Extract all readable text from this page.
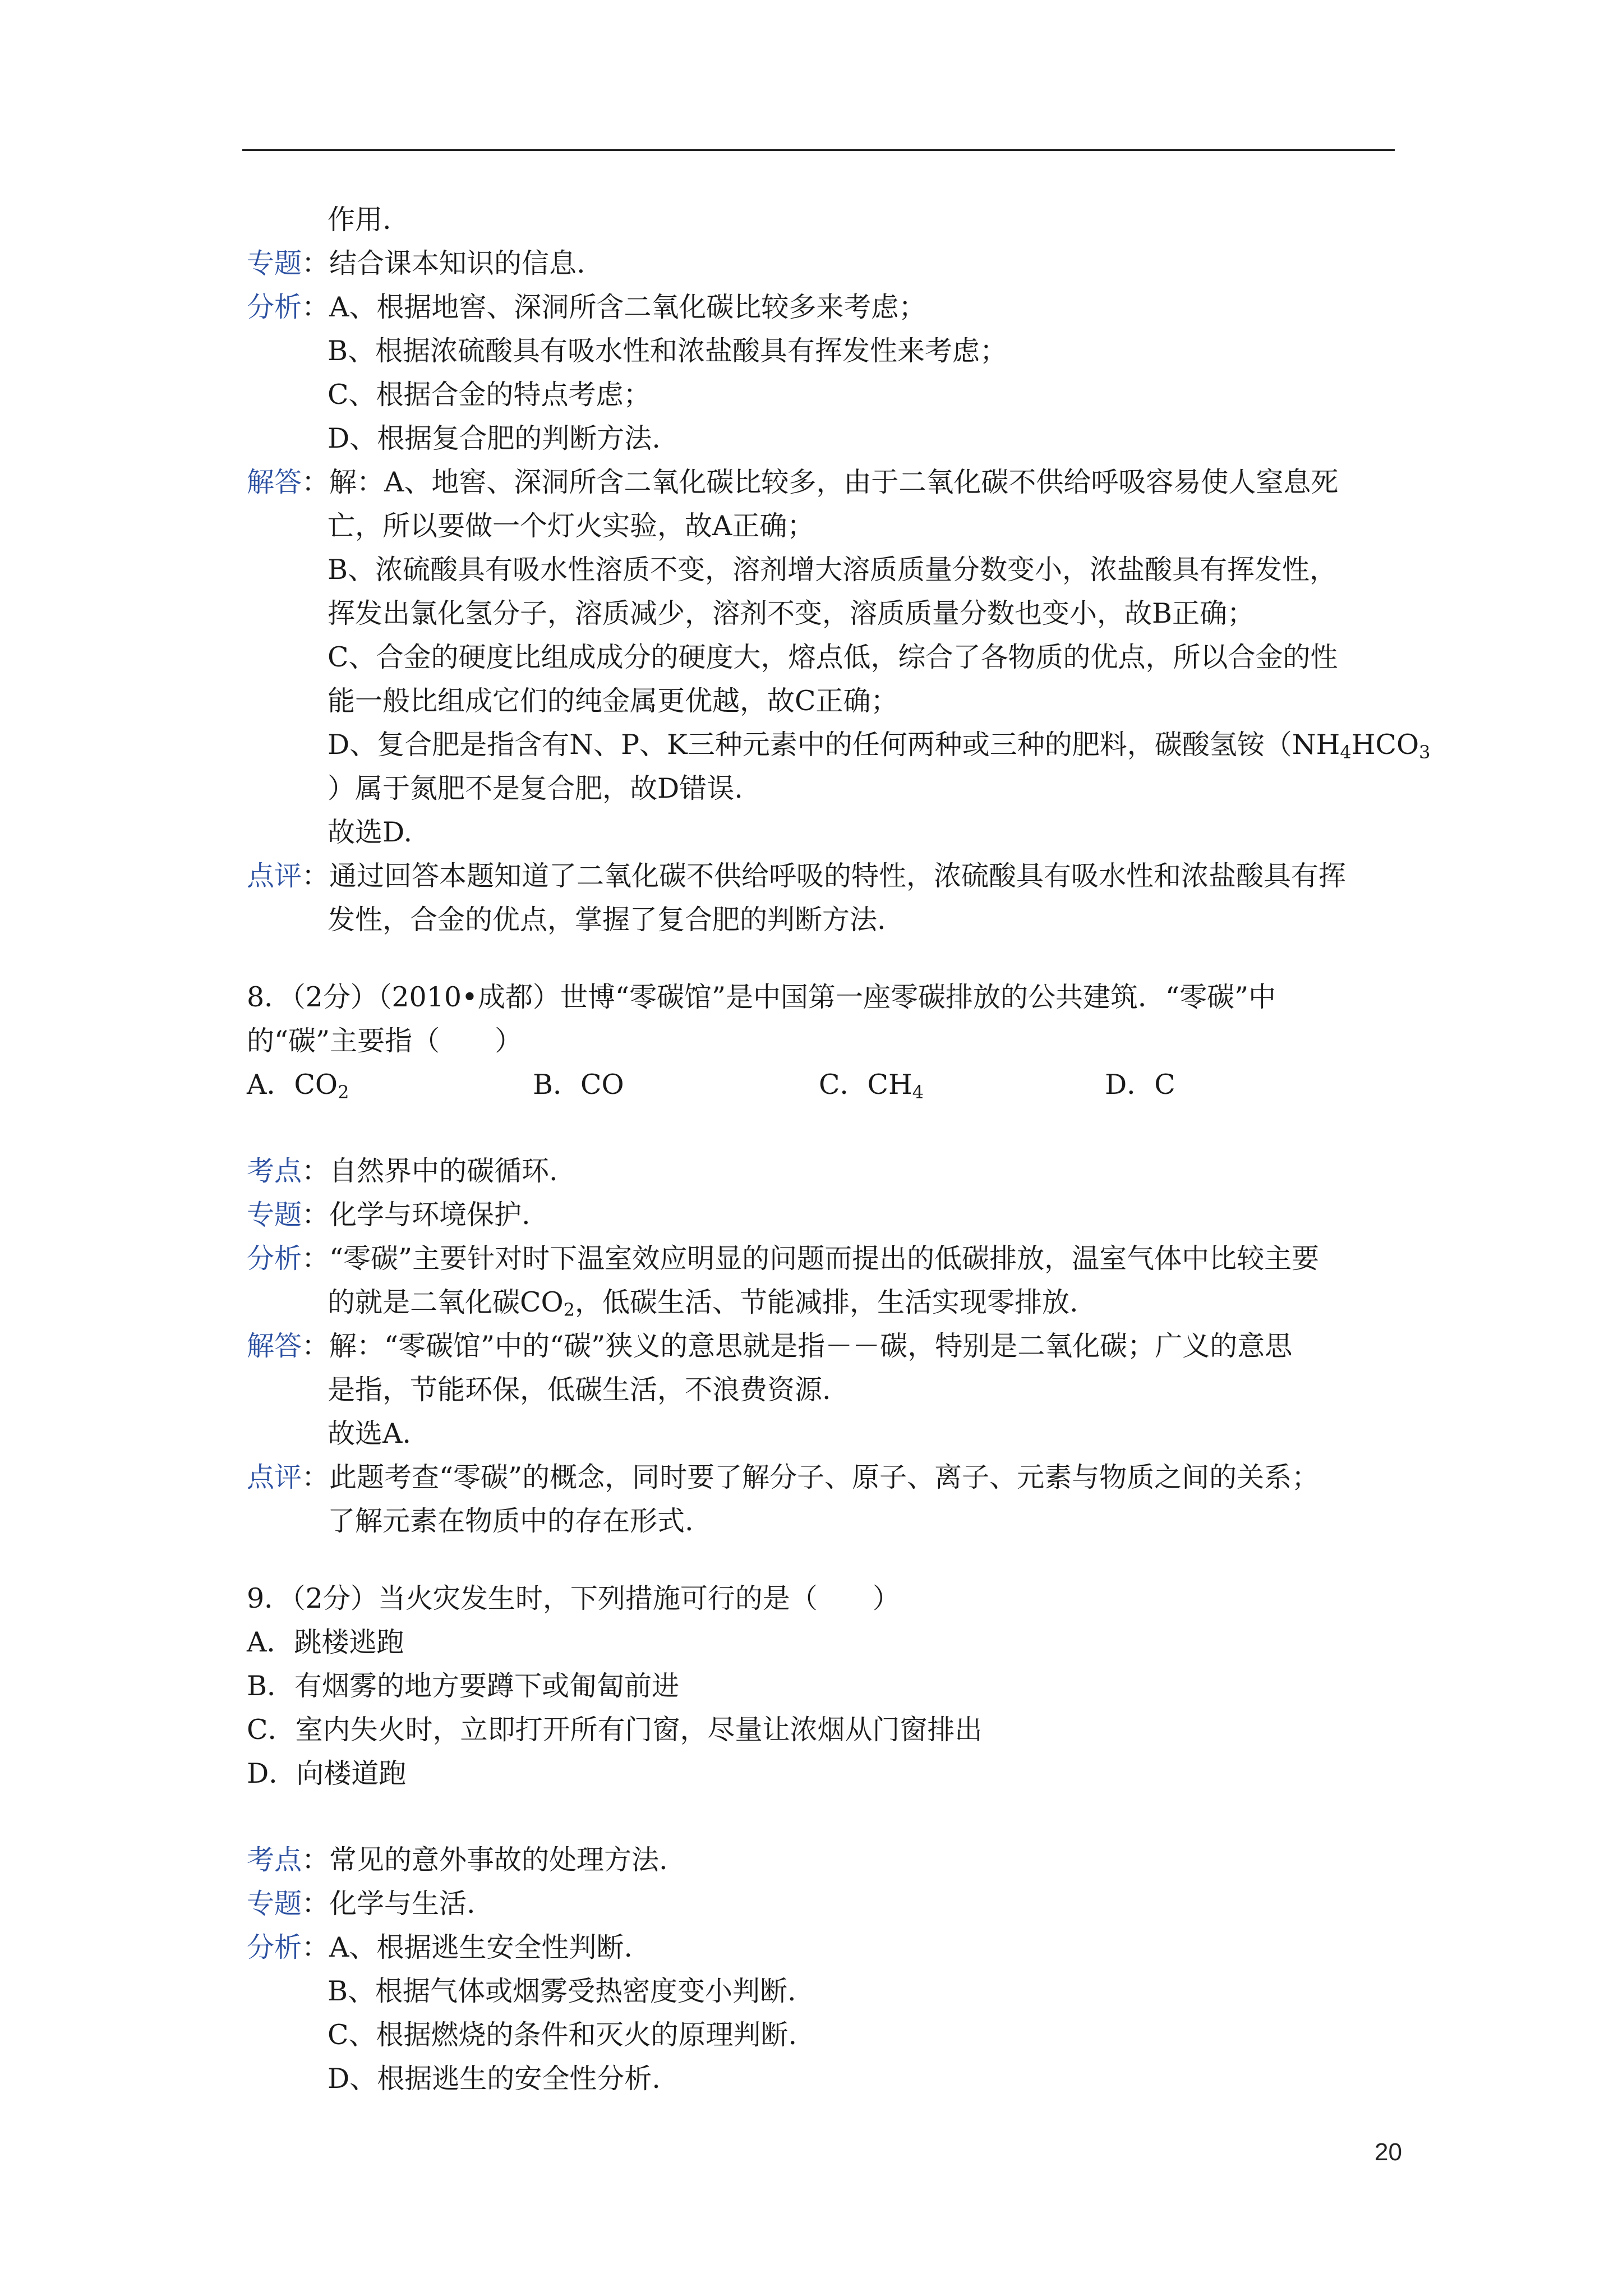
作用.
专题 ：结合课本知识的信息.
分析 ：A、根据地窖、深洞所含二氧化碳比较多来考虑；
B、根据浓硫酸具有吸水性和浓盐酸具有挥发性来考虑；
C、根据合金的特点考虑；
D、根据复合肥的判断方法.
解答 ：解：A、地窖、深洞所含二氧化碳比较多，由于二氧化碳不供给呼吸容易使人窒息死
亡，所以要做一个灯火实验，故A正确；
B、浓硫酸具有吸水性溶质不变，溶剂增大溶质质量分数变小，浓盐酸具有挥发性，
挥发出氯化氢分子，溶质减少，溶剂不变，溶质质量分数也变小，故B正确；
C、合金的硬度比组成成分的硬度大，熔点低，综合了各物质的优点，所以合金的性
能一般比组成它们的纯金属更优越，故C正确；
D、复合肥是指含有N、P、K三种元素中的任何两种或三种的肥料，碳酸氢铵（$NH_4HCO_3$
）属于氮肥不是复合肥，故D错误.
故选D.
点评 ：通过回答本题知道了二氧化碳不供给呼吸的特性，浓硫酸具有吸水性和浓盐酸具有挥
发性，合金的优点，掌握了复合肥的判断方法.
8．（2分）（2010•成都）世博“零碳馆”是中国第一座零碳排放的公共建筑．“零碳”中
的“碳”主要指（　　）
A．$CO_2$	B．CO	C．$CH_4$	D．C
考点 ：自然界中的碳循环.
专题 ：化学与环境保护.
分析 ：“零碳”主要针对时下温室效应明显的问题而提出的低碳排放，温室气体中比较主要
的就是二氧化碳$CO_2$，低碳生活、节能减排，生活实现零排放.
解答 ：解：“零碳馆”中的“碳”狭义的意思就是指－－碳，特别是二氧化碳；广义的意思
是指，节能环保，低碳生活，不浪费资源.
故选A.
点评 ：此题考查“零碳”的概念，同时要了解分子、原子、离子、元素与物质之间的关系；
了解元素在物质中的存在形式.
9．（2分）当火灾发生时，下列措施可行的是（　　）
A．跳楼逃跑
B．有烟雾的地方要蹲下或匍匐前进
C．室内失火时，立即打开所有门窗，尽量让浓烟从门窗排出
D．向楼道跑
考点 ：常见的意外事故的处理方法.
专题 ：化学与生活.
分析 ：A、根据逃生安全性判断.
B、根据气体或烟雾受热密度变小判断.
C、根据燃烧的条件和灭火的原理判断.
D、根据逃生的安全性分析.
20
